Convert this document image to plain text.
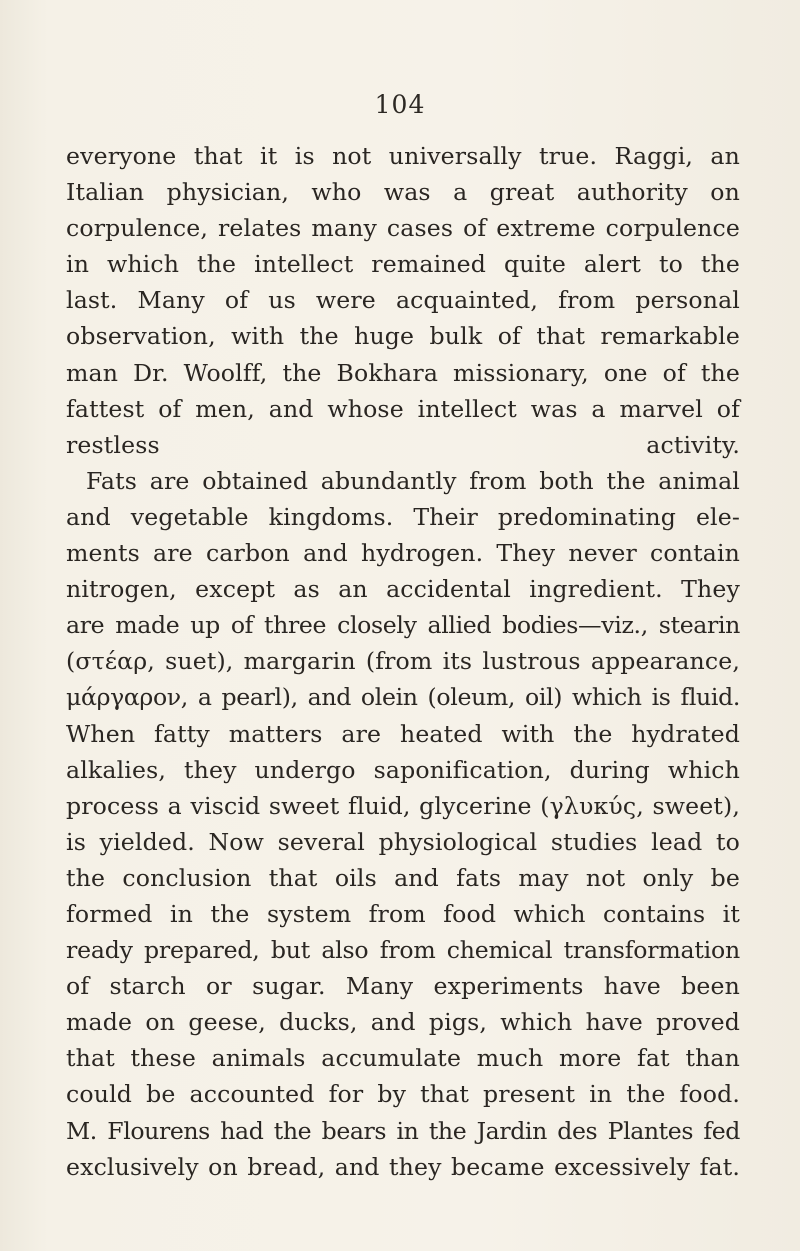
104
everyone that it is not universally true. Raggi, an
Italian physician, who was a great authority on
corpulence, relates many cases of extreme corpulence
in which the intellect remained quite alert to the
last. Many of us were acquainted, from personal
observation, with the huge bulk of that remarkable
man Dr. Woolff, the Bokhara missionary, one of the
fattest of men, and whose intellect was a marvel of
restless activity.
Fats are obtained abundantly from both the animal
and vegetable kingdoms. Their predominating ele-
ments are carbon and hydrogen. They never contain
nitrogen, except as an accidental ingredient. They
are made up of three closely allied bodies—viz., stearin
(στέαρ, suet), margarin (from its lustrous appearance,
μάργαρον, a pearl), and olein (oleum, oil) which is fluid.
When fatty matters are heated with the hydrated
alkalies, they undergo saponification, during which
process a viscid sweet fluid, glycerine (γλυκύς, sweet),
is yielded. Now several physiological studies lead to
the conclusion that oils and fats may not only be
formed in the system from food which contains it
ready prepared, but also from chemical transformation
of starch or sugar. Many experiments have been
made on geese, ducks, and pigs, which have proved
that these animals accumulate much more fat than
could be accounted for by that present in the food.
M. Flourens had the bears in the Jardin des Plantes fed
exclusively on bread, and they became excessively fat.
